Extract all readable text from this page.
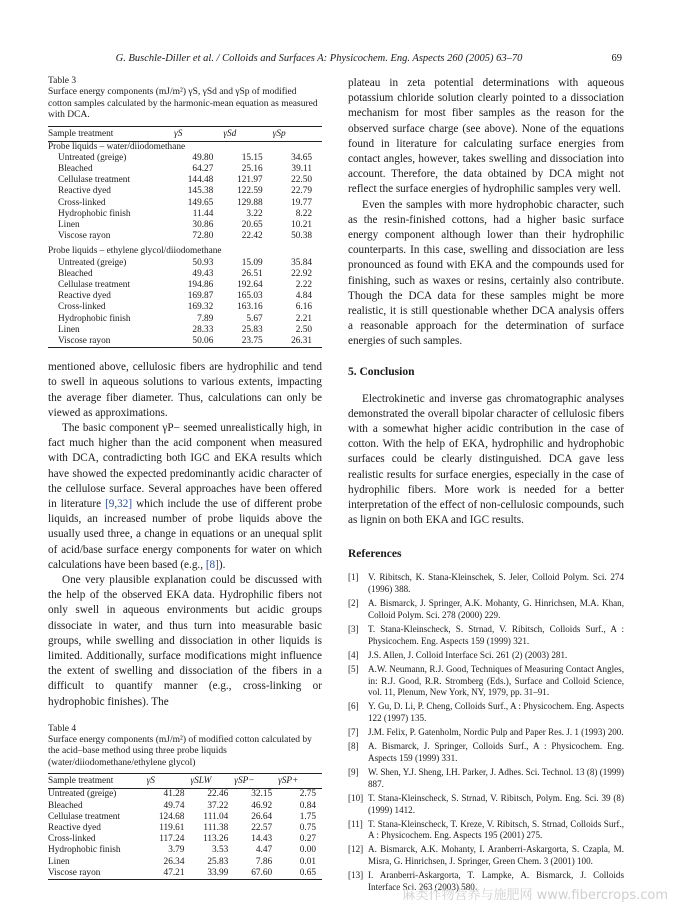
G. Buschle-Diller et al. / Colloids and Surfaces A: Physicochem. Eng. Aspects 260 (2005) 63–70	69
Table 3
Surface energy components (mJ/m²) γS, γSd and γSp of modified cotton samples calculated by the harmonic-mean equation as measured with DCA.
Sample treatment	γS	γSd	γSp
Probe liquids – water/diiodomethane			
Untreated (greige)	49.80	15.15	34.65
Bleached	64.27	25.16	39.11
Cellulase treatment	144.48	121.97	22.50
Reactive dyed	145.38	122.59	22.79
Cross-linked	149.65	129.88	19.77
Hydrophobic finish	11.44	3.22	8.22
Linen	30.86	20.65	10.21
Viscose rayon	72.80	22.42	50.38
Probe liquids – ethylene glycol/diiodomethane			
Untreated (greige)	50.93	15.09	35.84
Bleached	49.43	26.51	22.92
Cellulase treatment	194.86	192.64	2.22
Reactive dyed	169.87	165.03	4.84
Cross-linked	169.32	163.16	6.16
Hydrophobic finish	7.89	5.67	2.21
Linen	28.33	25.83	2.50
Viscose rayon	50.06	23.75	26.31

mentioned above, cellulosic fibers are hydrophilic and tend to swell in aqueous solutions to various extents, impacting the average fiber diameter. Thus, calculations can only be viewed as approximations.

The basic component γP− seemed unrealistically high, in fact much higher than the acid component when measured with DCA, contradicting both IGC and EKA results which have showed the expected predominantly acidic character of the cellulose surface. Several approaches have been offered in literature [9,32] which include the use of different probe liquids, an increased number of probe liquids above the usually used three, a change in equations or an unequal split of acid/base surface energy components for water on which calculations have been based (e.g., [8]).

One very plausible explanation could be discussed with the help of the observed EKA data. Hydrophilic fibers not only swell in aqueous environments but acidic groups dissociate in water, and thus turn into measurable basic groups, while swelling and dissociation in other liquids is limited. Additionally, surface modifications might influence the extent of swelling and dissociation of the fibers in a difficult to quantify manner (e.g., cross-linking or hydrophobic finishes). The

Table 4
Surface energy components (mJ/m²) of modified cotton calculated by the acid–base method using three probe liquids (water/diiodomethane/ethylene glycol)
Sample treatment	γS	γSLW	γSP−	γSP+
Untreated (greige)	41.28	22.46	32.15	2.75
Bleached	49.74	37.22	46.92	0.84
Cellulase treatment	124.68	111.04	26.64	1.75
Reactive dyed	119.61	111.38	22.57	0.75
Cross-linked	117.24	113.26	14.43	0.27
Hydrophobic finish	3.79	3.53	4.47	0.00
Linen	26.34	25.83	7.86	0.01
Viscose rayon	47.21	33.99	67.60	0.65

plateau in zeta potential determinations with aqueous potassium chloride solution clearly pointed to a dissociation mechanism for most fiber samples as the reason for the observed surface charge (see above). None of the equations found in literature for calculating surface energies from contact angles, however, takes swelling and dissociation into account. Therefore, the data obtained by DCA might not reflect the surface energies of hydrophilic samples very well.

Even the samples with more hydrophobic character, such as the resin-finished cottons, had a higher basic surface energy component although lower than their hydrophilic counterparts. In this case, swelling and dissociation are less pronounced as found with EKA and the compounds used for finishing, such as waxes or resins, certainly also contribute. Though the DCA data for these samples might be more realistic, it is still questionable whether DCA analysis offers a reasonable approach for the determination of surface energies of such samples.

5. Conclusion

Electrokinetic and inverse gas chromatographic analyses demonstrated the overall bipolar character of cellulosic fibers with a somewhat higher acidic contribution in the case of cotton. With the help of EKA, hydrophilic and hydrophobic surfaces could be clearly distinguished. DCA gave less realistic results for surface energies, especially in the case of hydrophilic fibers. More work is needed for a better interpretation of the effect of non-cellulosic compounds, such as lignin on both EKA and IGC results.

References
[1] V. Ribitsch, K. Stana-Kleinschek, S. Jeler, Colloid Polym. Sci. 274 (1996) 388.
[2] A. Bismarck, J. Springer, A.K. Mohanty, G. Hinrichsen, M.A. Khan, Colloid Polym. Sci. 278 (2000) 229.
[3] T. Stana-Kleinscheck, S. Strnad, V. Ribitsch, Colloids Surf., A : Physicochem. Eng. Aspects 159 (1999) 321.
[4] J.S. Allen, J. Colloid Interface Sci. 261 (2) (2003) 281.
[5] A.W. Neumann, R.J. Good, Techniques of Measuring Contact Angles, in: R.J. Good, R.R. Stromberg (Eds.), Surface and Colloid Science, vol. 11, Plenum, New York, NY, 1979, pp. 31–91.
[6] Y. Gu, D. Li, P. Cheng, Colloids Surf., A : Physicochem. Eng. Aspects 122 (1997) 135.
[7] J.M. Felix, P. Gatenholm, Nordic Pulp and Paper Res. J. 1 (1993) 200.
[8] A. Bismarck, J. Springer, Colloids Surf., A : Physicochem. Eng. Aspects 159 (1999) 331.
[9] W. Shen, Y.J. Sheng, I.H. Parker, J. Adhes. Sci. Technol. 13 (8) (1999) 887.
[10] T. Stana-Kleinscheck, S. Strnad, V. Ribitsch, Polym. Eng. Sci. 39 (8) (1999) 1412.
[11] T. Stana-Kleinscheck, T. Kreze, V. Ribitsch, S. Strnad, Colloids Surf., A : Physicochem. Eng. Aspects 195 (2001) 275.
[12] A. Bismarck, A.K. Mohanty, I. Aranberri-Askargorta, S. Czapla, M. Misra, G. Hinrichsen, J. Springer, Green Chem. 3 (2001) 100.
[13] I. Aranberri-Askargorta, T. Lampke, A. Bismarck, J. Colloids Interface Sci. 263 (2003) 580.
麻类作物营养与施肥网 www.fibercrops.com
